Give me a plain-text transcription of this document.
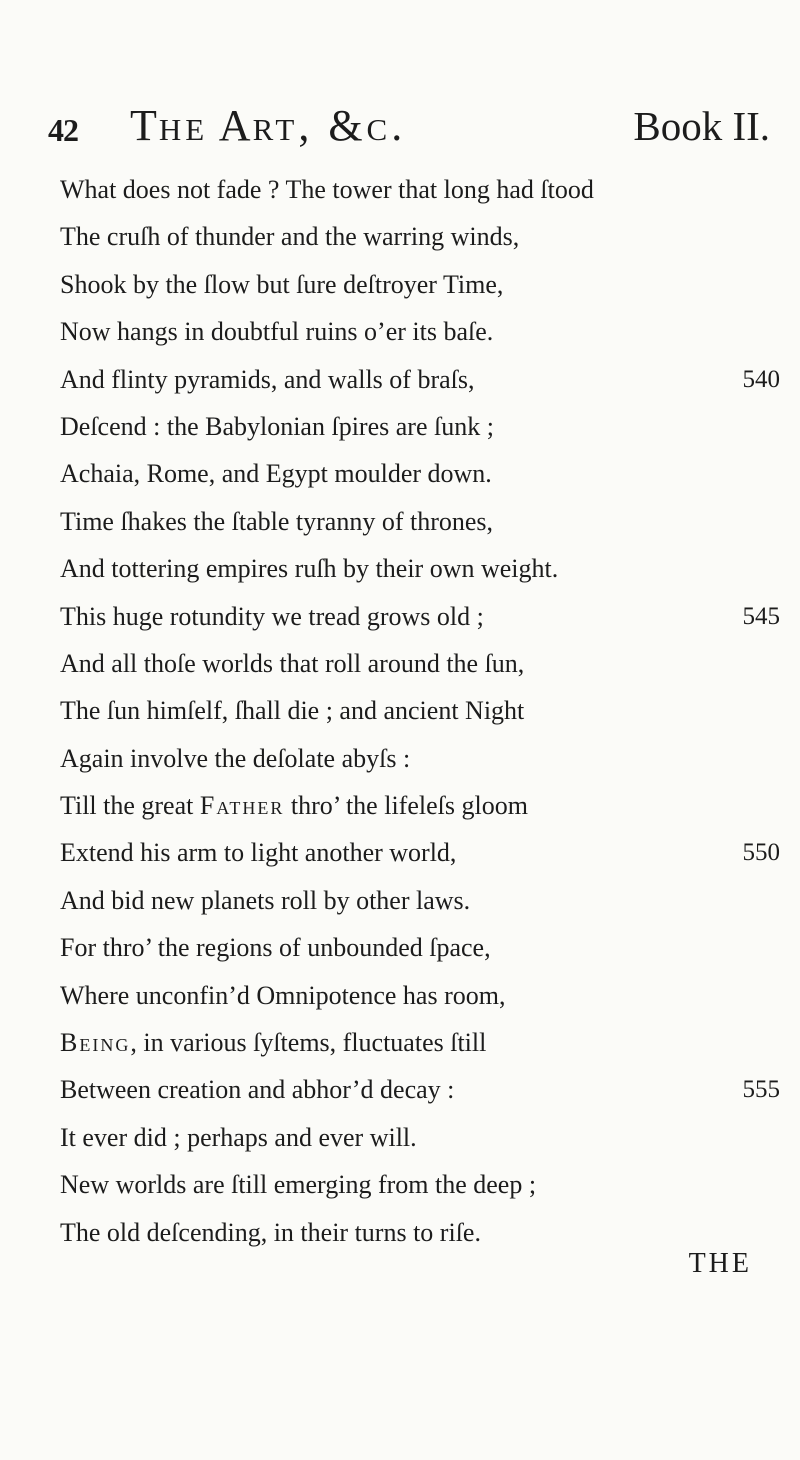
42 The Art, &c.	Book II.
What does not fade ? The tower that long had ſtood
The cruſh of thunder and the warring winds,
Shook by the ſlow but ſure deſtroyer Time,
Now hangs in doubtful ruins o’er its baſe.
And flinty pyramids, and walls of braſs,	540
Deſcend : the Babylonian ſpires are ſunk ;
Achaia, Rome, and Egypt moulder down.
Time ſhakes the ſtable tyranny of thrones,
And tottering empires ruſh by their own weight.
This huge rotundity we tread grows old ;	545
And all thoſe worlds that roll around the ſun,
The ſun himſelf, ſhall die ; and ancient Night
Again involve the deſolate abyſs :
Till the great Father thro’ the lifeleſs gloom
Extend his arm to light another world,	550
And bid new planets roll by other laws.
For thro’ the regions of unbounded ſpace,
Where unconfin’d Omnipotence has room,
Being, in various ſyſtems, fluctuates ſtill
Between creation and abhor’d decay :	555
It ever did ; perhaps and ever will.
New worlds are ſtill emerging from the deep ;
The old deſcending, in their turns to riſe.
THE
